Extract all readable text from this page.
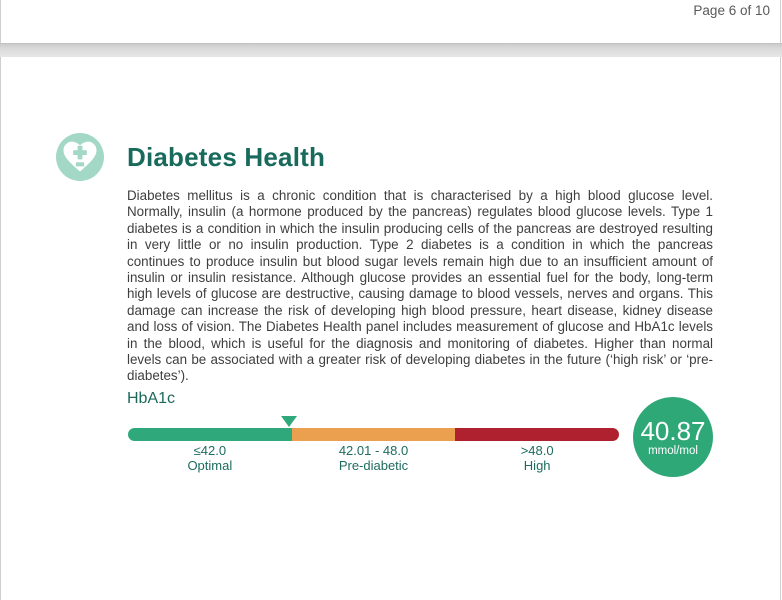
Page 6 of 10
Diabetes Health

Diabetes mellitus is a chronic condition that is characterised by a high blood glucose level. Normally, insulin (a hormone produced by the pancreas) regulates blood glucose levels. Type 1 diabetes is a condition in which the insulin producing cells of the pancreas are destroyed resulting in very little or no insulin production. Type 2 diabetes is a condition in which the pancreas continues to produce insulin but blood sugar levels remain high due to an insufficient amount of insulin or insulin resistance. Although glucose provides an essential fuel for the body, long-term high levels of glucose are destructive, causing damage to blood vessels, nerves and organs. This damage can increase the risk of developing high blood pressure, heart disease, kidney disease and loss of vision. The Diabetes Health panel includes measurement of glucose and HbA1c levels in the blood, which is useful for the diagnosis and monitoring of diabetes. Higher than normal levels can be associated with a greater risk of developing diabetes in the future (‘high risk’ or ‘pre-diabetes’).

HbA1c
≤42.0
Optimal
42.01 - 48.0
Pre-diabetic
>48.0
High
40.87
mmol/mol
